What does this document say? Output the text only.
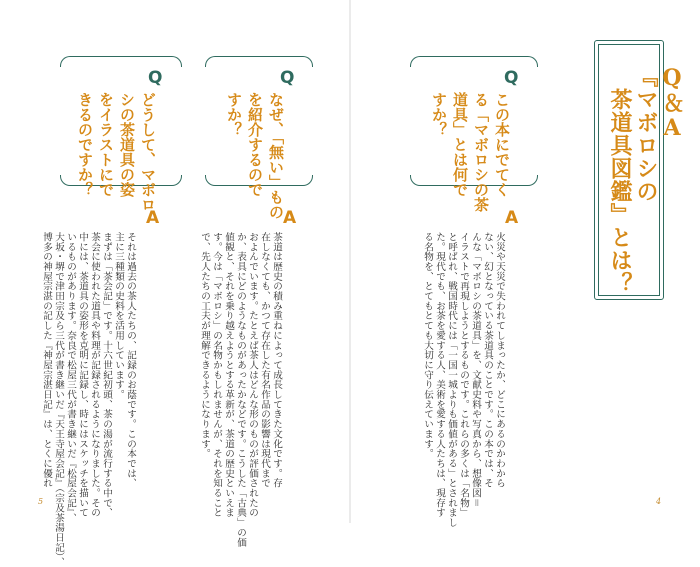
Q＆A
『マボロシの
　茶道具図鑑』とは？
Q
この本にでてく
る「マボロシの茶
道具」とは何で
すか？
Q
なぜ、「無い」もの
を紹介するので
すか？
Q
どうして、マボロ
シの茶道具の姿
をイラストにで
きるのですか？
A
火災や天災で失われてしまったか、どこにあるのかわから
ない、幻となっている茶道具のことです。この本では、そ
んな「マボロシの茶道具」を、文献史料や写真から、想像図＝
イラストで再現しようとするものです。これらの多くは「名物」
と呼ばれ、戦国時代には「一国一城よりも価値がある」とされまし
た。現代でも、お茶を愛する人、美術を愛する人たちは、現存す
る名物を、とてもとても大切に守り伝えています。
A
茶道は歴史の積み重ねによって成長してきた文化です。存
在しなくても、かつて存在した有名作品の影響は現代まで
およんでいます。たとえば茶人はどんな形のものが評価されたの
か、表具にどのようなものがあったかなどです。こうした「古典」の価
値観と、それを乗り越えようとする革新が、茶道の歴史といえま
す。今は「マボロシ」の名物かもしれませんが、それを知ること
で、先人たちの工夫が理解できるようになります。
A
それは過去の茶人たちの、記録のお蔭です。この本では、
主に三種類の史料を活用しています。
まずは「茶会記」です。十六世紀初頭、茶の湯が流行する中で、
茶会に使われた道具や料理が記録されるようになりました。その
中には、茶道具の姿形を克明に記録し、時にはスケッチを描いて
いるものがあります。奈良で松屋三代が書き継いだ『松屋会記』、
大坂・堺で津田宗及ら三代が書き継いだ『天王寺屋会記』（宗及茶湯日記）、
博多の神屋宗湛の記した『神屋宗湛日記』は、とくに優れ
5	4
